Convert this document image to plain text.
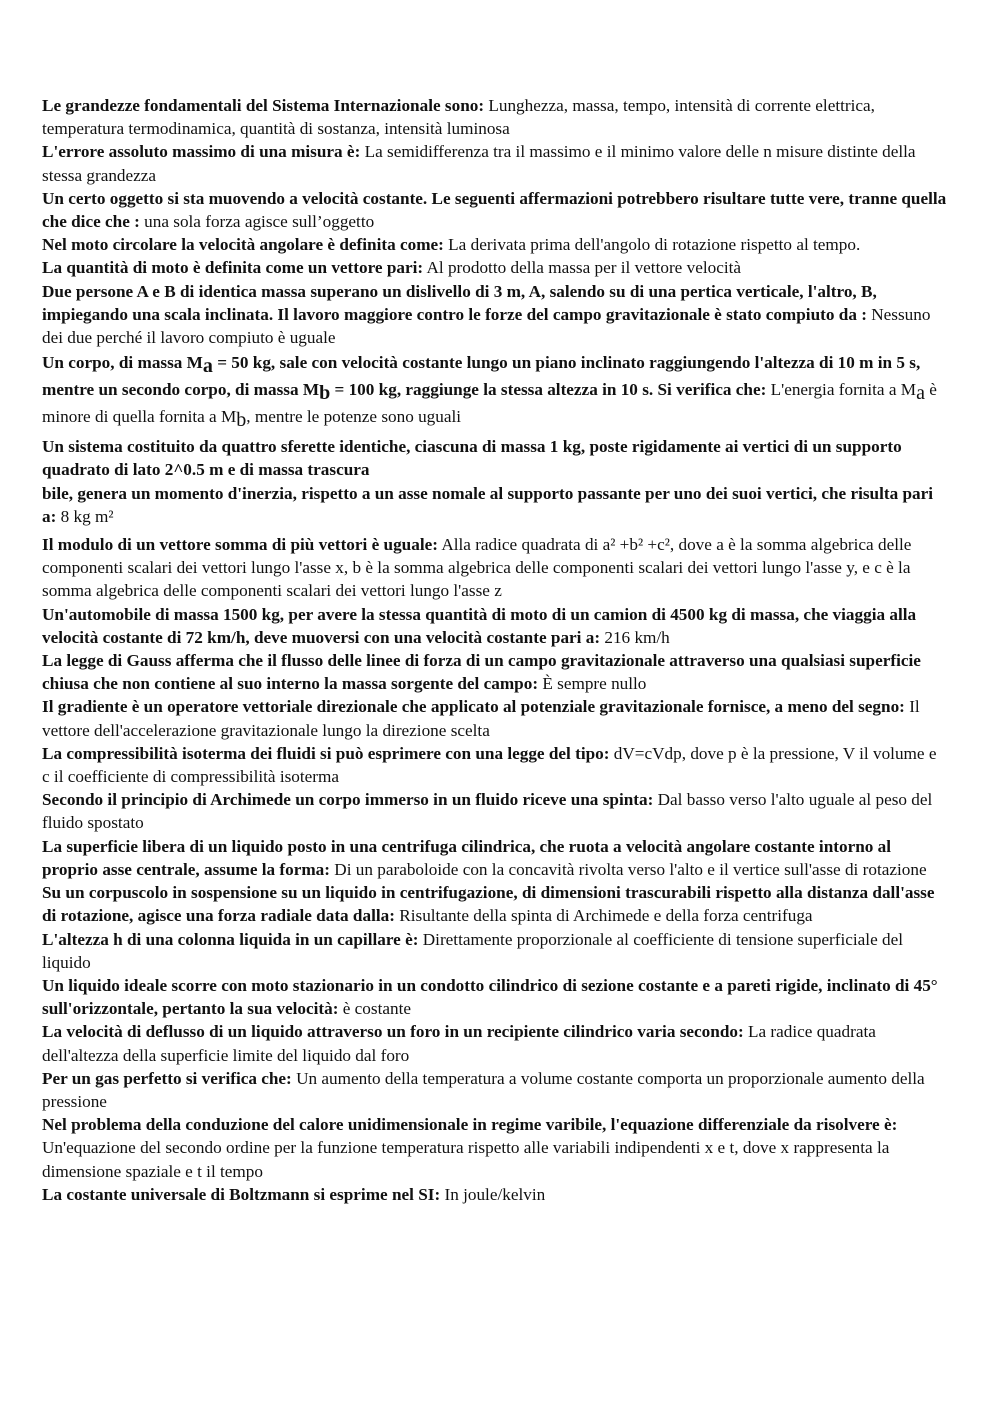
Le grandezze fondamentali del Sistema Internazionale sono: Lunghezza, massa, tempo, intensità di corrente elettrica, temperatura termodinamica, quantità di sostanza, intensità luminosa

L'errore assoluto massimo di una misura è: La semidifferenza tra il massimo e il minimo valore delle n misure distinte della stessa grandezza

Un certo oggetto si sta muovendo a velocità costante. Le seguenti affermazioni potrebbero risultare tutte vere, tranne quella che dice che : una sola forza agisce sull’oggetto

Nel moto circolare la velocità angolare è definita come: La derivata prima dell'angolo di rotazione rispetto al tempo.

La quantità di moto è definita come un vettore pari: Al prodotto della massa per il vettore velocità

Due persone A e B di identica massa superano un dislivello di 3 m, A, salendo su di una pertica verticale, l'altro, B, impiegando una scala inclinata. Il lavoro maggiore contro le forze del campo gravitazionale è stato compiuto da : Nessuno dei due perché il lavoro compiuto è uguale

Un corpo, di massa Ma = 50 kg, sale con velocità costante lungo un piano inclinato raggiungendo l'altezza di 10 m in 5 s, mentre un secondo corpo, di massa Mb = 100 kg, raggiunge la stessa altezza in 10 s. Si verifica che: L'energia fornita a Ma è minore di quella fornita a Mb, mentre le potenze sono uguali

Un sistema costituito da quattro sferette identiche, ciascuna di massa 1 kg, poste rigidamente ai vertici di un supporto quadrato di lato 2^0.5 m e di massa trascura

bile, genera un momento d'inerzia, rispetto a un asse nomale al supporto passante per uno dei suoi vertici, che risulta pari a: 8 kg m²

Il modulo di un vettore somma di più vettori è uguale: Alla radice quadrata di a² +b² +c², dove a è la somma algebrica delle componenti scalari dei vettori lungo l'asse x, b è la somma algebrica delle componenti scalari dei vettori lungo l'asse y, e c è la somma algebrica delle componenti scalari dei vettori lungo l'asse z

Un'automobile di massa 1500 kg, per avere la stessa quantità di moto di un camion di 4500 kg di massa, che viaggia alla velocità costante di 72 km/h, deve muoversi con una velocità costante pari a: 216 km/h

La legge di Gauss afferma che il flusso delle linee di forza di un campo gravitazionale attraverso una qualsiasi superficie chiusa che non contiene al suo interno la massa sorgente del campo: È sempre nullo

Il gradiente è un operatore vettoriale direzionale che applicato al potenziale gravitazionale fornisce, a meno del segno: Il vettore dell'accelerazione gravitazionale lungo la direzione scelta

La compressibilità isoterma dei fluidi si può esprimere con una legge del tipo: dV=cVdp, dove p è la pressione, V il volume e c il coefficiente di compressibilità isoterma

Secondo il principio di Archimede un corpo immerso in un fluido riceve una spinta: Dal basso verso l'alto uguale al peso del fluido spostato

La superficie libera di un liquido posto in una centrifuga cilindrica, che ruota a velocità angolare costante intorno al proprio asse centrale, assume la forma: Di un paraboloide con la concavità rivolta verso l'alto e il vertice sull'asse di rotazione

Su un corpuscolo in sospensione su un liquido in centrifugazione, di dimensioni trascurabili rispetto alla distanza dall'asse di rotazione, agisce una forza radiale data dalla: Risultante della spinta di Archimede e della forza centrifuga

L'altezza h di una colonna liquida in un capillare è: Direttamente proporzionale al coefficiente di tensione superficiale del liquido

Un liquido ideale scorre con moto stazionario in un condotto cilindrico di sezione costante e a pareti rigide, inclinato di 45° sull'orizzontale, pertanto la sua velocità: è costante

La velocità di deflusso di un liquido attraverso un foro in un recipiente cilindrico varia secondo: La radice quadrata dell'altezza della superficie limite del liquido dal foro

Per un gas perfetto si verifica che: Un aumento della temperatura a volume costante comporta un proporzionale aumento della pressione

Nel problema della conduzione del calore unidimensionale in regime varibile, l'equazione differenziale da risolvere è: Un'equazione del secondo ordine per la funzione temperatura rispetto alle variabili indipendenti x e t, dove x rappresenta la dimensione spaziale e t il tempo

La costante universale di Boltzmann si esprime nel SI: In joule/kelvin
